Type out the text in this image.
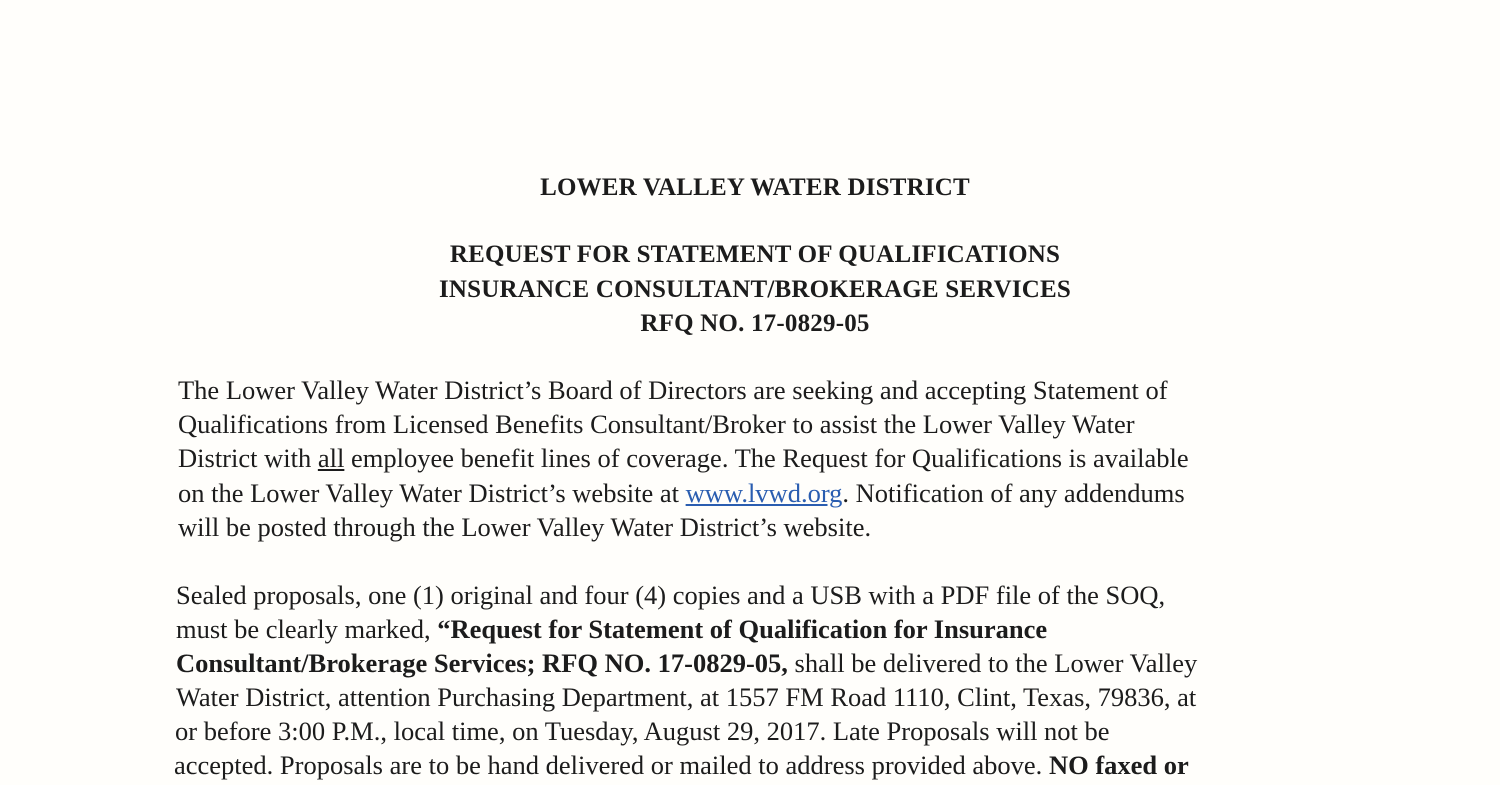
LOWER VALLEY WATER DISTRICT
REQUEST FOR STATEMENT OF QUALIFICATIONS
INSURANCE CONSULTANT/BROKERAGE SERVICES
RFQ NO. 17-0829-05
The Lower Valley Water District’s Board of Directors are seeking and accepting Statement of
Qualifications from Licensed Benefits Consultant/Broker to assist the Lower Valley Water
District with all employee benefit lines of coverage. The Request for Qualifications is available
on the Lower Valley Water District’s website at www.lvwd.org. Notification of any addendums
will be posted through the Lower Valley Water District’s website.
Sealed proposals, one (1) original and four (4) copies and a USB with a PDF file of the SOQ,
must be clearly marked, “Request for Statement of Qualification for Insurance
Consultant/Brokerage Services; RFQ NO. 17-0829-05, shall be delivered to the Lower Valley
Water District, attention Purchasing Department, at 1557 FM Road 1110, Clint, Texas, 79836, at
or before 3:00 P.M., local time, on Tuesday, August 29, 2017. Late Proposals will not be
accepted. Proposals are to be hand delivered or mailed to address provided above. NO faxed or
